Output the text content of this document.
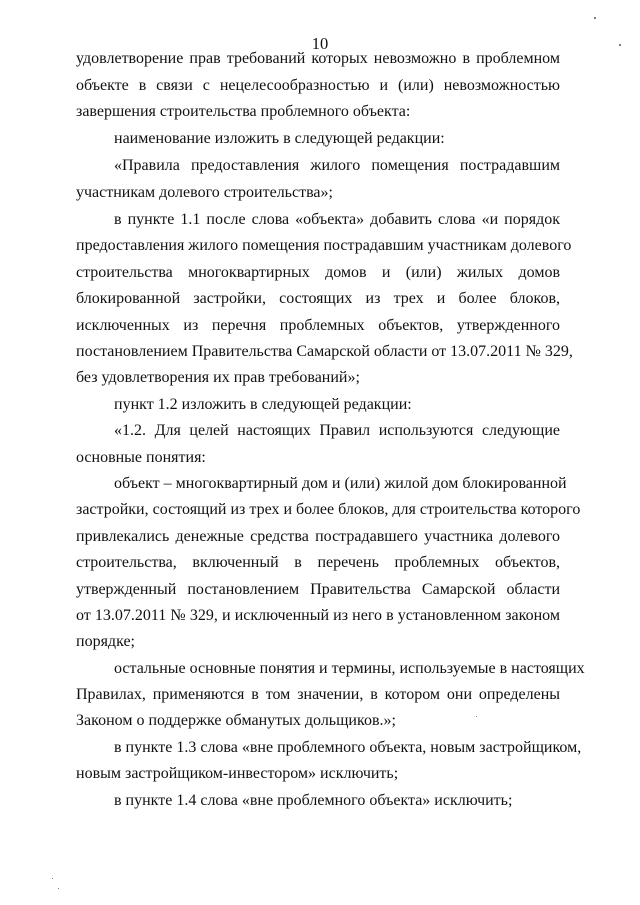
10
удовлетворение прав требований которых невозможно в проблемном
объекте в связи с нецелесообразностью и (или) невозможностью
завершения строительства проблемного объекта:
наименование изложить в следующей редакции:
«Правила предоставления жилого помещения пострадавшим
участникам долевого строительства»;
в пункте 1.1 после слова «объекта» добавить слова «и порядок
предоставления жилого помещения пострадавшим участникам долевого
строительства многоквартирных домов и (или) жилых домов
блокированной застройки, состоящих из трех и более блоков,
исключенных из перечня проблемных объектов, утвержденного
постановлением Правительства Самарской области от 13.07.2011 № 329,
без удовлетворения их прав требований»;
пункт 1.2 изложить в следующей редакции:
«1.2. Для целей настоящих Правил используются следующие
основные понятия:
объект – многоквартирный дом и (или) жилой дом блокированной
застройки, состоящий из трех и более блоков, для строительства которого
привлекались денежные средства пострадавшего участника долевого
строительства, включенный в перечень проблемных объектов,
утвержденный постановлением Правительства Самарской области
от 13.07.2011 № 329, и исключенный из него в установленном законом
порядке;
остальные основные понятия и термины, используемые в настоящих
Правилах, применяются в том значении, в котором они определены
Законом о поддержке обманутых дольщиков.»;
в пункте 1.3 слова «вне проблемного объекта, новым застройщиком,
новым застройщиком-инвестором» исключить;
в пункте 1.4 слова «вне проблемного объекта» исключить;
